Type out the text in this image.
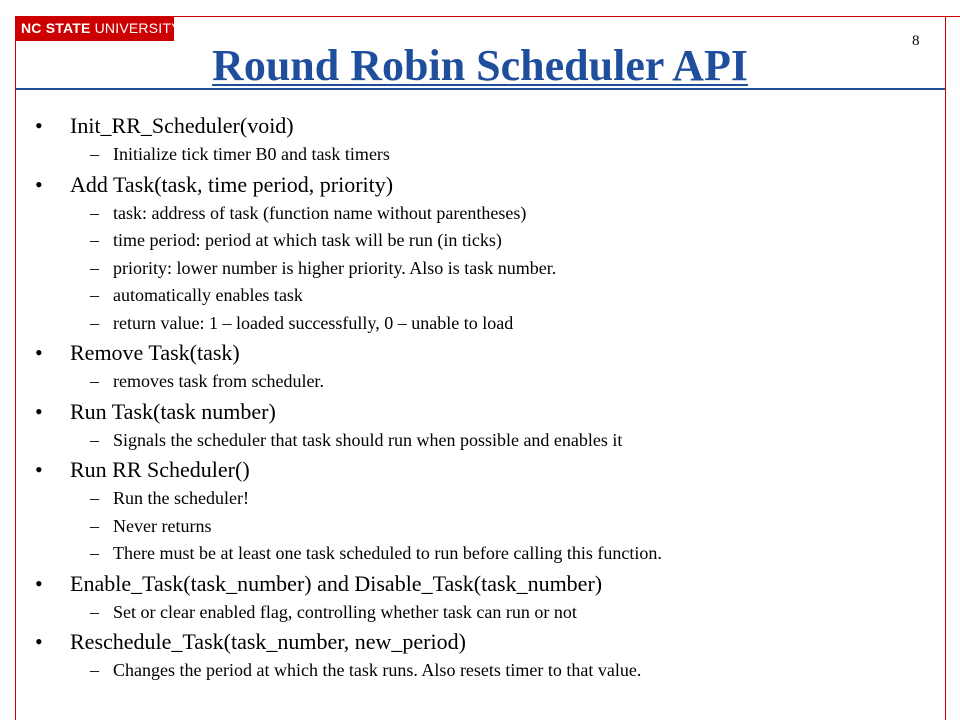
NC STATE UNIVERSITY
Round Robin Scheduler API	8
• Init_RR_Scheduler(void)
– Initialize tick timer B0 and task timers
• Add Task(task, time period, priority)
– task: address of task (function name without parentheses)
– time period: period at which task will be run (in ticks)
– priority: lower number is higher priority. Also is task number.
– automatically enables task
– return value: 1 – loaded successfully, 0 – unable to load
• Remove Task(task)
– removes task from scheduler.
• Run Task(task number)
– Signals the scheduler that task should run when possible and enables it
• Run RR Scheduler()
– Run the scheduler!
– Never returns
– There must be at least one task scheduled to run before calling this function.
• Enable_Task(task_number) and Disable_Task(task_number)
– Set or clear enabled flag, controlling whether task can run or not
• Reschedule_Task(task_number, new_period)
– Changes the period at which the task runs. Also resets timer to that value.
